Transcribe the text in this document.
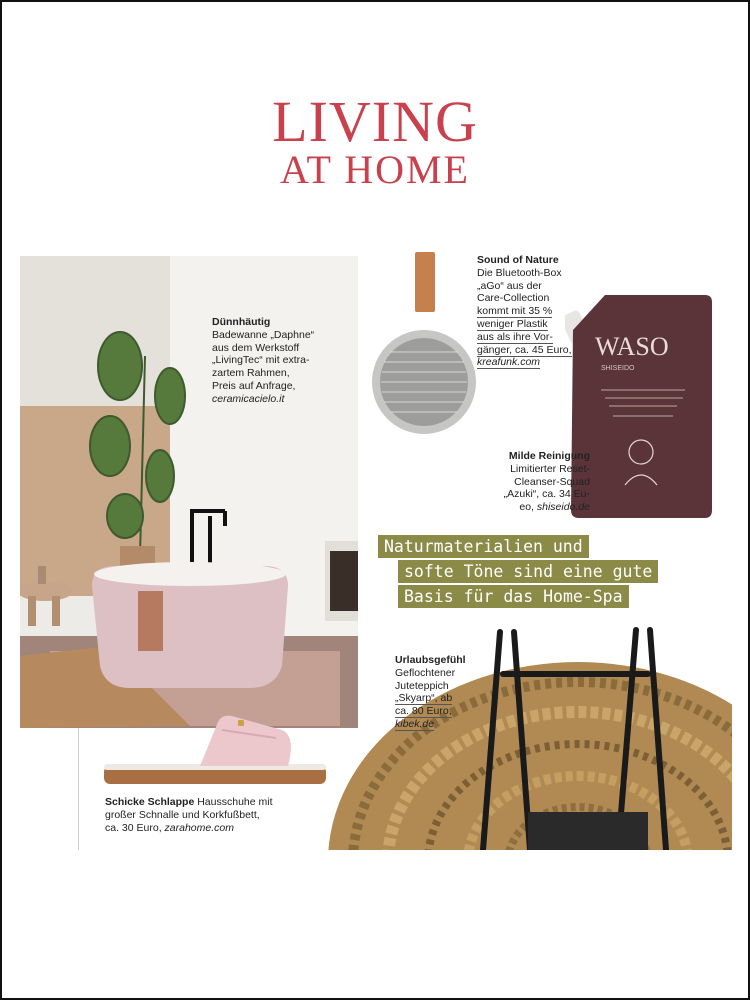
LIVING
AT HOME
Dünnhäutig
Badewanne „Daphne“
aus dem Werkstoff
„LivingTec“ mit extra-
zartem Rahmen,
Preis auf Anfrage,
ceramicacielo.it
Sound of Nature
Die Bluetooth-Box
„aGo“ aus der
Care-Collection
kommt mit 35 %
weniger Plastik
aus als ihre Vor-
gänger, ca. 45 Euro,
kreafunk.com
WASO
SHISEIDO
Milde Reinigung
Limitierter Reset-
Cleanser-Squad
„Azuki“, ca. 34 Eu-
eo, shiseido.de
Naturmaterialien und
softe Töne sind eine gute
Basis für das Home-Spa
Urlaubsgefühl
Geflochtener
Juteteppich
„Skyarp“, ab
ca. 80 Euro,
kibek.de
Schicke Schlappe Hausschuhe mit
großer Schnalle und Korkfußbett,
ca. 30 Euro, zarahome.com
